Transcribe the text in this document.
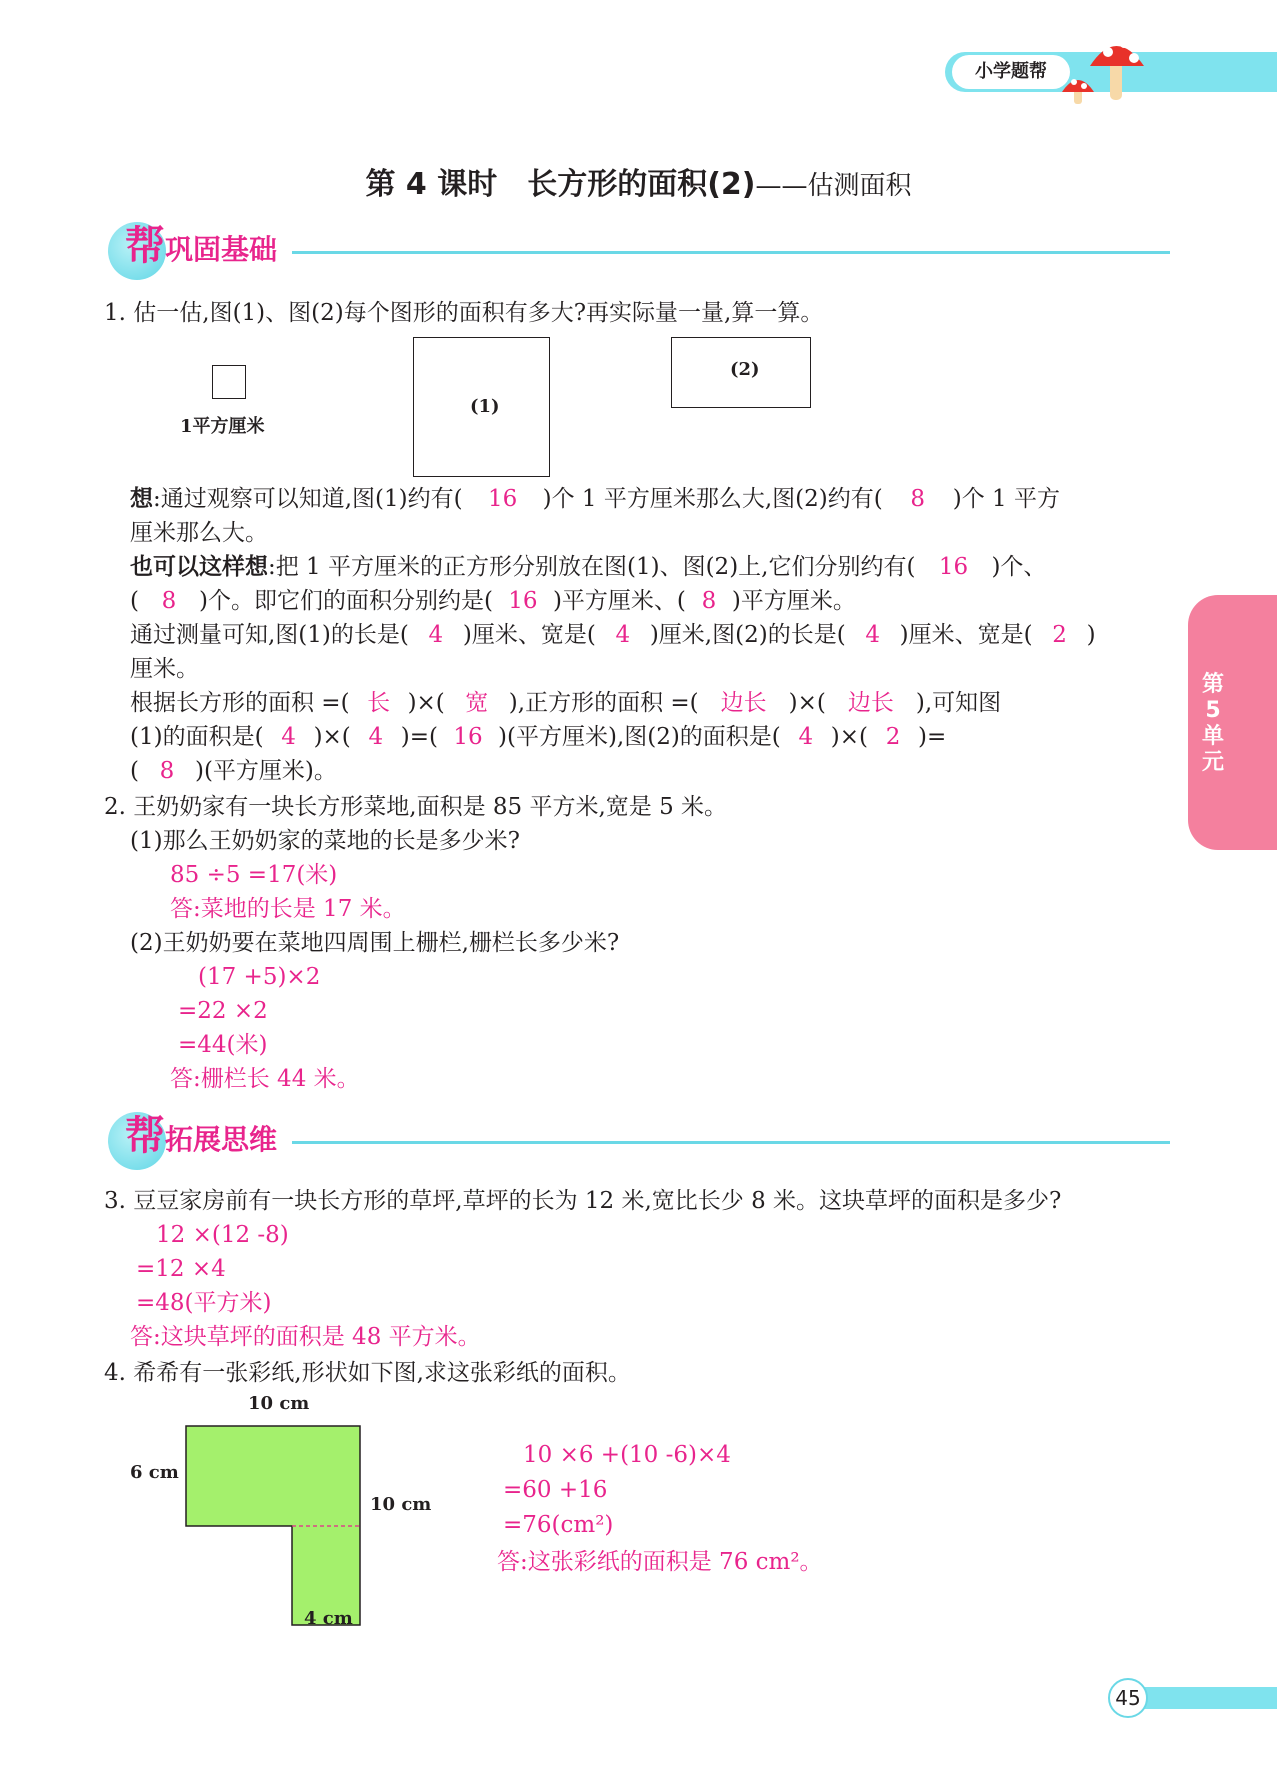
小学题帮
第 4 课时　长方形的面积(2)——估测面积
帮巩固基础
第
5
单
元
1. 估一估,图(1)、图(2)每个图形的面积有多大?再实际量一量,算一算。
1平方厘米
(1)
(2)
想:通过观察可以知道,图(1)约有( 16 )个 1 平方厘米那么大,图(2)约有( 8 )个 1 平方
厘米那么大。
也可以这样想:把 1 平方厘米的正方形分别放在图(1)、图(2)上,它们分别约有( 16 )个、
( 8 )个。即它们的面积分别约是( 16 )平方厘米、( 8 )平方厘米。
通过测量可知,图(1)的长是( 4 )厘米、宽是( 4 )厘米,图(2)的长是( 4 )厘米、宽是( 2 )
厘米。
根据长方形的面积 =( 长 )×( 宽 ),正方形的面积 =( 边长 )×( 边长 ),可知图
(1)的面积是( 4 )×( 4 )=( 16 )(平方厘米),图(2)的面积是( 4 )×( 2 )=
( 8 )(平方厘米)。
2. 王奶奶家有一块长方形菜地,面积是 85 平方米,宽是 5 米。
(1)那么王奶奶家的菜地的长是多少米?
85 ÷5 =17(米)
答:菜地的长是 17 米。
(2)王奶奶要在菜地四周围上栅栏,栅栏长多少米?
(17 +5)×2
=22 ×2
=44(米)
答:栅栏长 44 米。
帮拓展思维
3. 豆豆家房前有一块长方形的草坪,草坪的长为 12 米,宽比长少 8 米。这块草坪的面积是多少?
12 ×(12 -8)
=12 ×4
=48(平方米)
答:这块草坪的面积是 48 平方米。
4. 希希有一张彩纸,形状如下图,求这张彩纸的面积。
10 cm
6 cm
10 cm
4 cm
10 ×6 +(10 -6)×4
=60 +16
=76(cm²)
答:这张彩纸的面积是 76 cm²。
45
